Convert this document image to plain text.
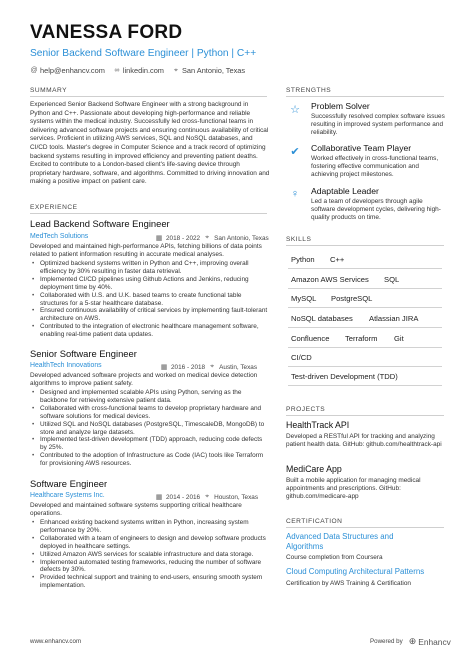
VANESSA FORD
Senior Backend Software Engineer | Python | C++
@ help@enhancv.com ∞ linkedin.com ⌖ San Antonio, Texas
SUMMARY
Experienced Senior Backend Software Engineer with a strong background in Python and C++. Passionate about developing high-performance and reliable systems within the medical industry. Successfully led cross-functional teams in delivering advanced software projects and ensuring continuous availability of critical services. Proficient in utilizing AWS services, SQL and NoSQL databases, and CI/CD tools. Master's degree in Computer Science and a track record of optimizing backend systems resulting in improved efficiency and preventing patient deaths. Excited to contribute to a London-based client's life-saving device through proprietary hardware, software, and algorithms. Committed to driving innovation and making a positive impact on patient care.
EXPERIENCE
Lead Backend Software Engineer
MedTech Solutions	▦ 2018 - 2022 ⌖ San Antonio, Texas
Developed and maintained high-performance APIs, fetching billions of data points related to patient information resulting in accurate medical analyses.
• Optimized backend systems written in Python and C++, improving overall efficiency by 30% resulting in faster data retrieval.
• Implemented CI/CD pipelines using Github Actions and Jenkins, reducing deployment time by 40%.
• Collaborated with U.S. and U.K. based teams to create functional table structures for a 5-star healthcare database.
• Ensured continuous availability of critical services by implementing fault-tolerant architecture on AWS.
• Contributed to the integration of electronic healthcare management software, enabling real-time patient data updates.
Senior Software Engineer
HealthTech Innovations	▦ 2016 - 2018 ⌖ Austin, Texas
Developed advanced software projects and worked on medical device detection algorithms to improve patient safety.
• Designed and implemented scalable APIs using Python, serving as the backbone for retrieving extensive patient data.
• Collaborated with cross-functional teams to develop proprietary hardware and software solutions for medical devices.
• Utilized SQL and NoSQL databases (PostgreSQL, TimescaleDB, MongoDB) to store and analyze large datasets.
• Implemented test-driven development (TDD) approach, reducing code defects by 25%.
• Contributed to the adoption of Infrastructure as Code (IAC) tools like Terraform for provisioning AWS resources.
Software Engineer
Healthcare Systems Inc.	▦ 2014 - 2016 ⌖ Houston, Texas
Developed and maintained software systems supporting critical healthcare operations.
• Enhanced existing backend systems written in Python, increasing system performance by 20%.
• Collaborated with a team of engineers to design and develop software products deployed in healthcare settings.
• Utilized Amazon AWS services for scalable infrastructure and data storage.
• Implemented automated testing frameworks, reducing the number of software defects by 30%.
• Provided technical support and training to end-users, ensuring smooth system implementation.
STRENGTHS
☆ Problem Solver
Successfully resolved complex software issues resulting in improved system performance and reliability.
✔ Collaborative Team Player
Worked effectively in cross-functional teams, fostering effective communication and achieving project milestones.
♀	Adaptable Leader
Led a team of developers through agile software development cycles, delivering high-quality products on time.
SKILLS
Python C++
Amazon AWS Services SQL
MySQL PostgreSQL
NoSQL databases Atlassian JIRA
Confluence Terraform Git
CI/CD
Test-driven Development (TDD)
PROJECTS
HealthTrack API
Developed a RESTful API for tracking and analyzing patient health data. GitHub: github.com/healthtrack-api
MediCare App
Built a mobile application for managing medical appointments and prescriptions. GitHub: github.com/medicare-app
CERTIFICATION
Advanced Data Structures and Algorithms
Course completion from Coursera
Cloud Computing Architectural Patterns
Certification by AWS Training & Certification
www.enhancv.com	Powered by ⊕ Enhancv
